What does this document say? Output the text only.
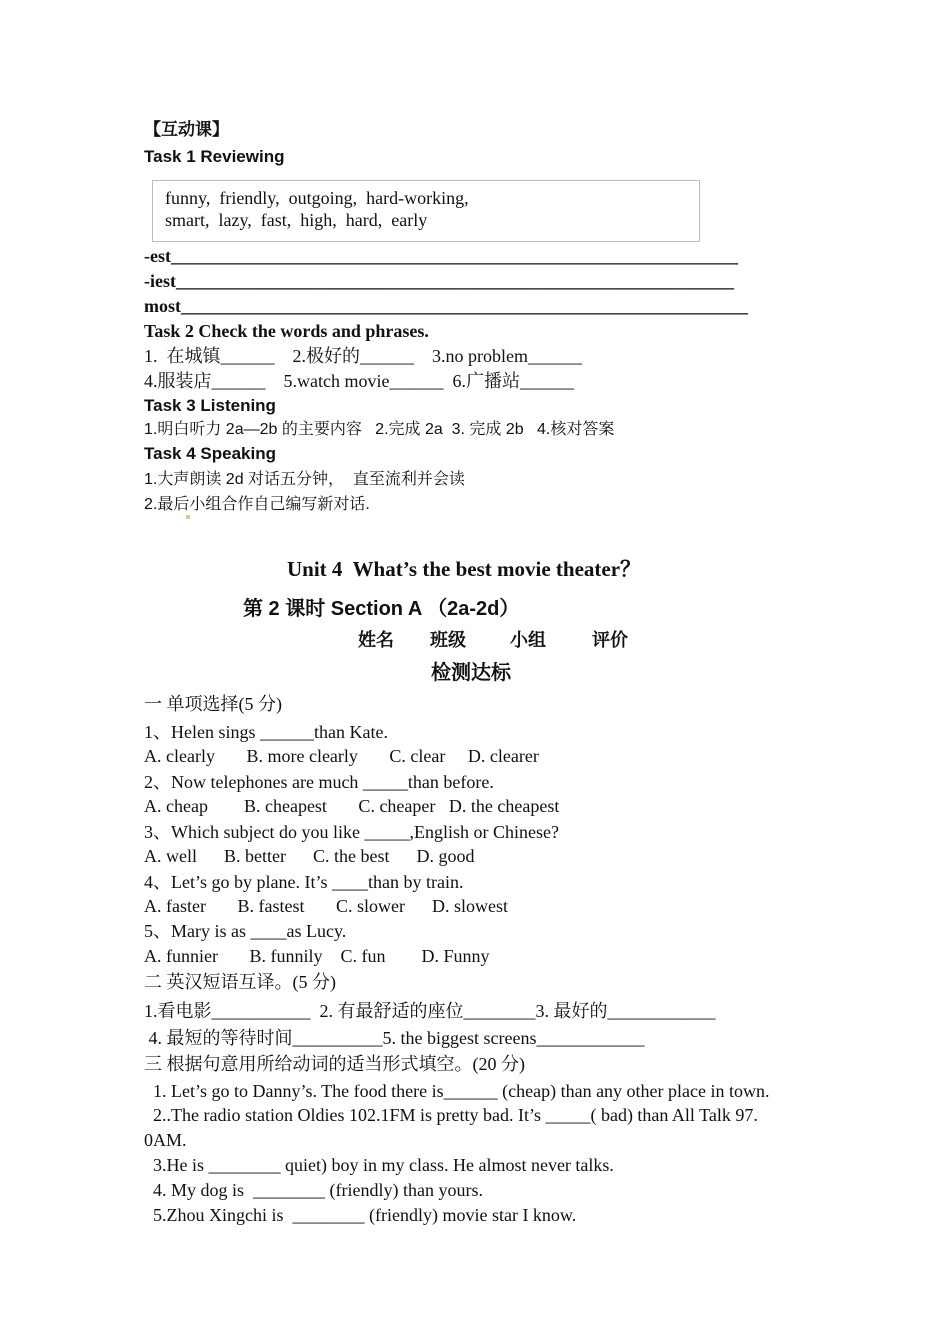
【互动课】
Task 1 Reviewing
funny,  friendly,  outgoing,  hard-working,
smart,  lazy,  fast,  high,  hard,  early
-est_______________________________________________________________
-iest______________________________________________________________
most_______________________________________________________________
Task 2 Check the words and phrases.
1.  在城镇______    2.极好的______    3.no problem______
4.服装店______    5.watch movie______  6.广播站______
Task 3 Listening
1.明白听力 2a—2b 的主要内容   2.完成 2a  3. 完成 2b   4.核对答案
Task 4 Speaking
1.大声朗读 2d 对话五分钟，  直至流利并会读
2.最后小组合作自己编写新对话.
Unit 4  What’s the best movie theater？
第 2 课时 Section A （2a-2d）
姓名 班级 小组	评价
检测达标
一 单项选择(5 分)
1、Helen sings ______than Kate.
A. clearly       B. more clearly       C. clear     D. clearer
2、Now telephones are much _____than before.
A. cheap        B. cheapest       C. cheaper   D. the cheapest
3、Which subject do you like _____,English or Chinese?
A. well      B. better      C. the best      D. good
4、Let’s go by plane. It’s ____than by train.
A. faster       B. fastest       C. slower      D. slowest
5、Mary is as ____as Lucy.
A. funnier       B. funnily    C. fun        D. Funny
二 英汉短语互译。(5 分)
1.看电影___________  2. 有最舒适的座位________3. 最好的____________
4. 最短的等待时间__________5. the biggest screens____________
三 根据句意用所给动词的适当形式填空。(20 分)
1. Let’s go to Danny’s. The food there is______ (cheap) than any other place in town.
2..The radio station Oldies 102.1FM is pretty bad. It’s _____( bad) than All Talk 97.
0AM.
3.He is ________ quiet) boy in my class. He almost never talks.
4. My dog is  ________ (friendly) than yours.
5.Zhou Xingchi is  ________ (friendly) movie star I know.
